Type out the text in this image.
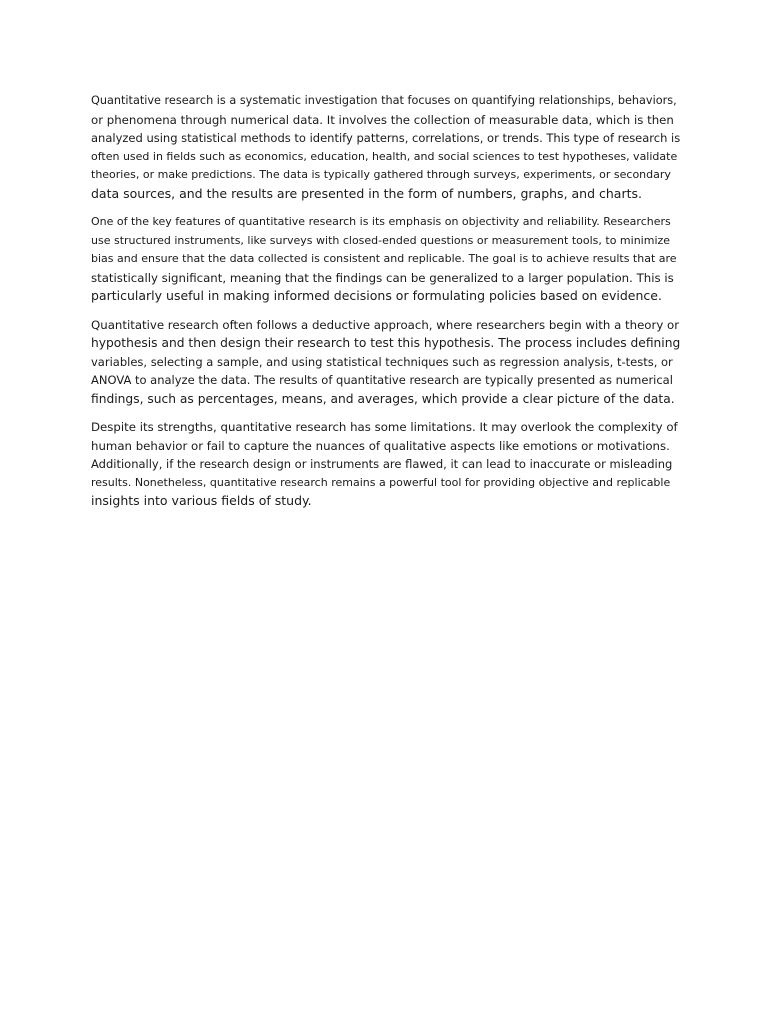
Quantitative research is a systematic investigation that focuses on quantifying relationships, behaviors,
or phenomena through numerical data. It involves the collection of measurable data, which is then
analyzed using statistical methods to identify patterns, correlations, or trends. This type of research is
often used in fields such as economics, education, health, and social sciences to test hypotheses, validate
theories, or make predictions. The data is typically gathered through surveys, experiments, or secondary
data sources, and the results are presented in the form of numbers, graphs, and charts.

One of the key features of quantitative research is its emphasis on objectivity and reliability. Researchers
use structured instruments, like surveys with closed-ended questions or measurement tools, to minimize
bias and ensure that the data collected is consistent and replicable. The goal is to achieve results that are
statistically significant, meaning that the findings can be generalized to a larger population. This is
particularly useful in making informed decisions or formulating policies based on evidence.

Quantitative research often follows a deductive approach, where researchers begin with a theory or
hypothesis and then design their research to test this hypothesis. The process includes defining
variables, selecting a sample, and using statistical techniques such as regression analysis, t-tests, or
ANOVA to analyze the data. The results of quantitative research are typically presented as numerical
findings, such as percentages, means, and averages, which provide a clear picture of the data.

Despite its strengths, quantitative research has some limitations. It may overlook the complexity of
human behavior or fail to capture the nuances of qualitative aspects like emotions or motivations.
Additionally, if the research design or instruments are flawed, it can lead to inaccurate or misleading
results. Nonetheless, quantitative research remains a powerful tool for providing objective and replicable
insights into various fields of study.
